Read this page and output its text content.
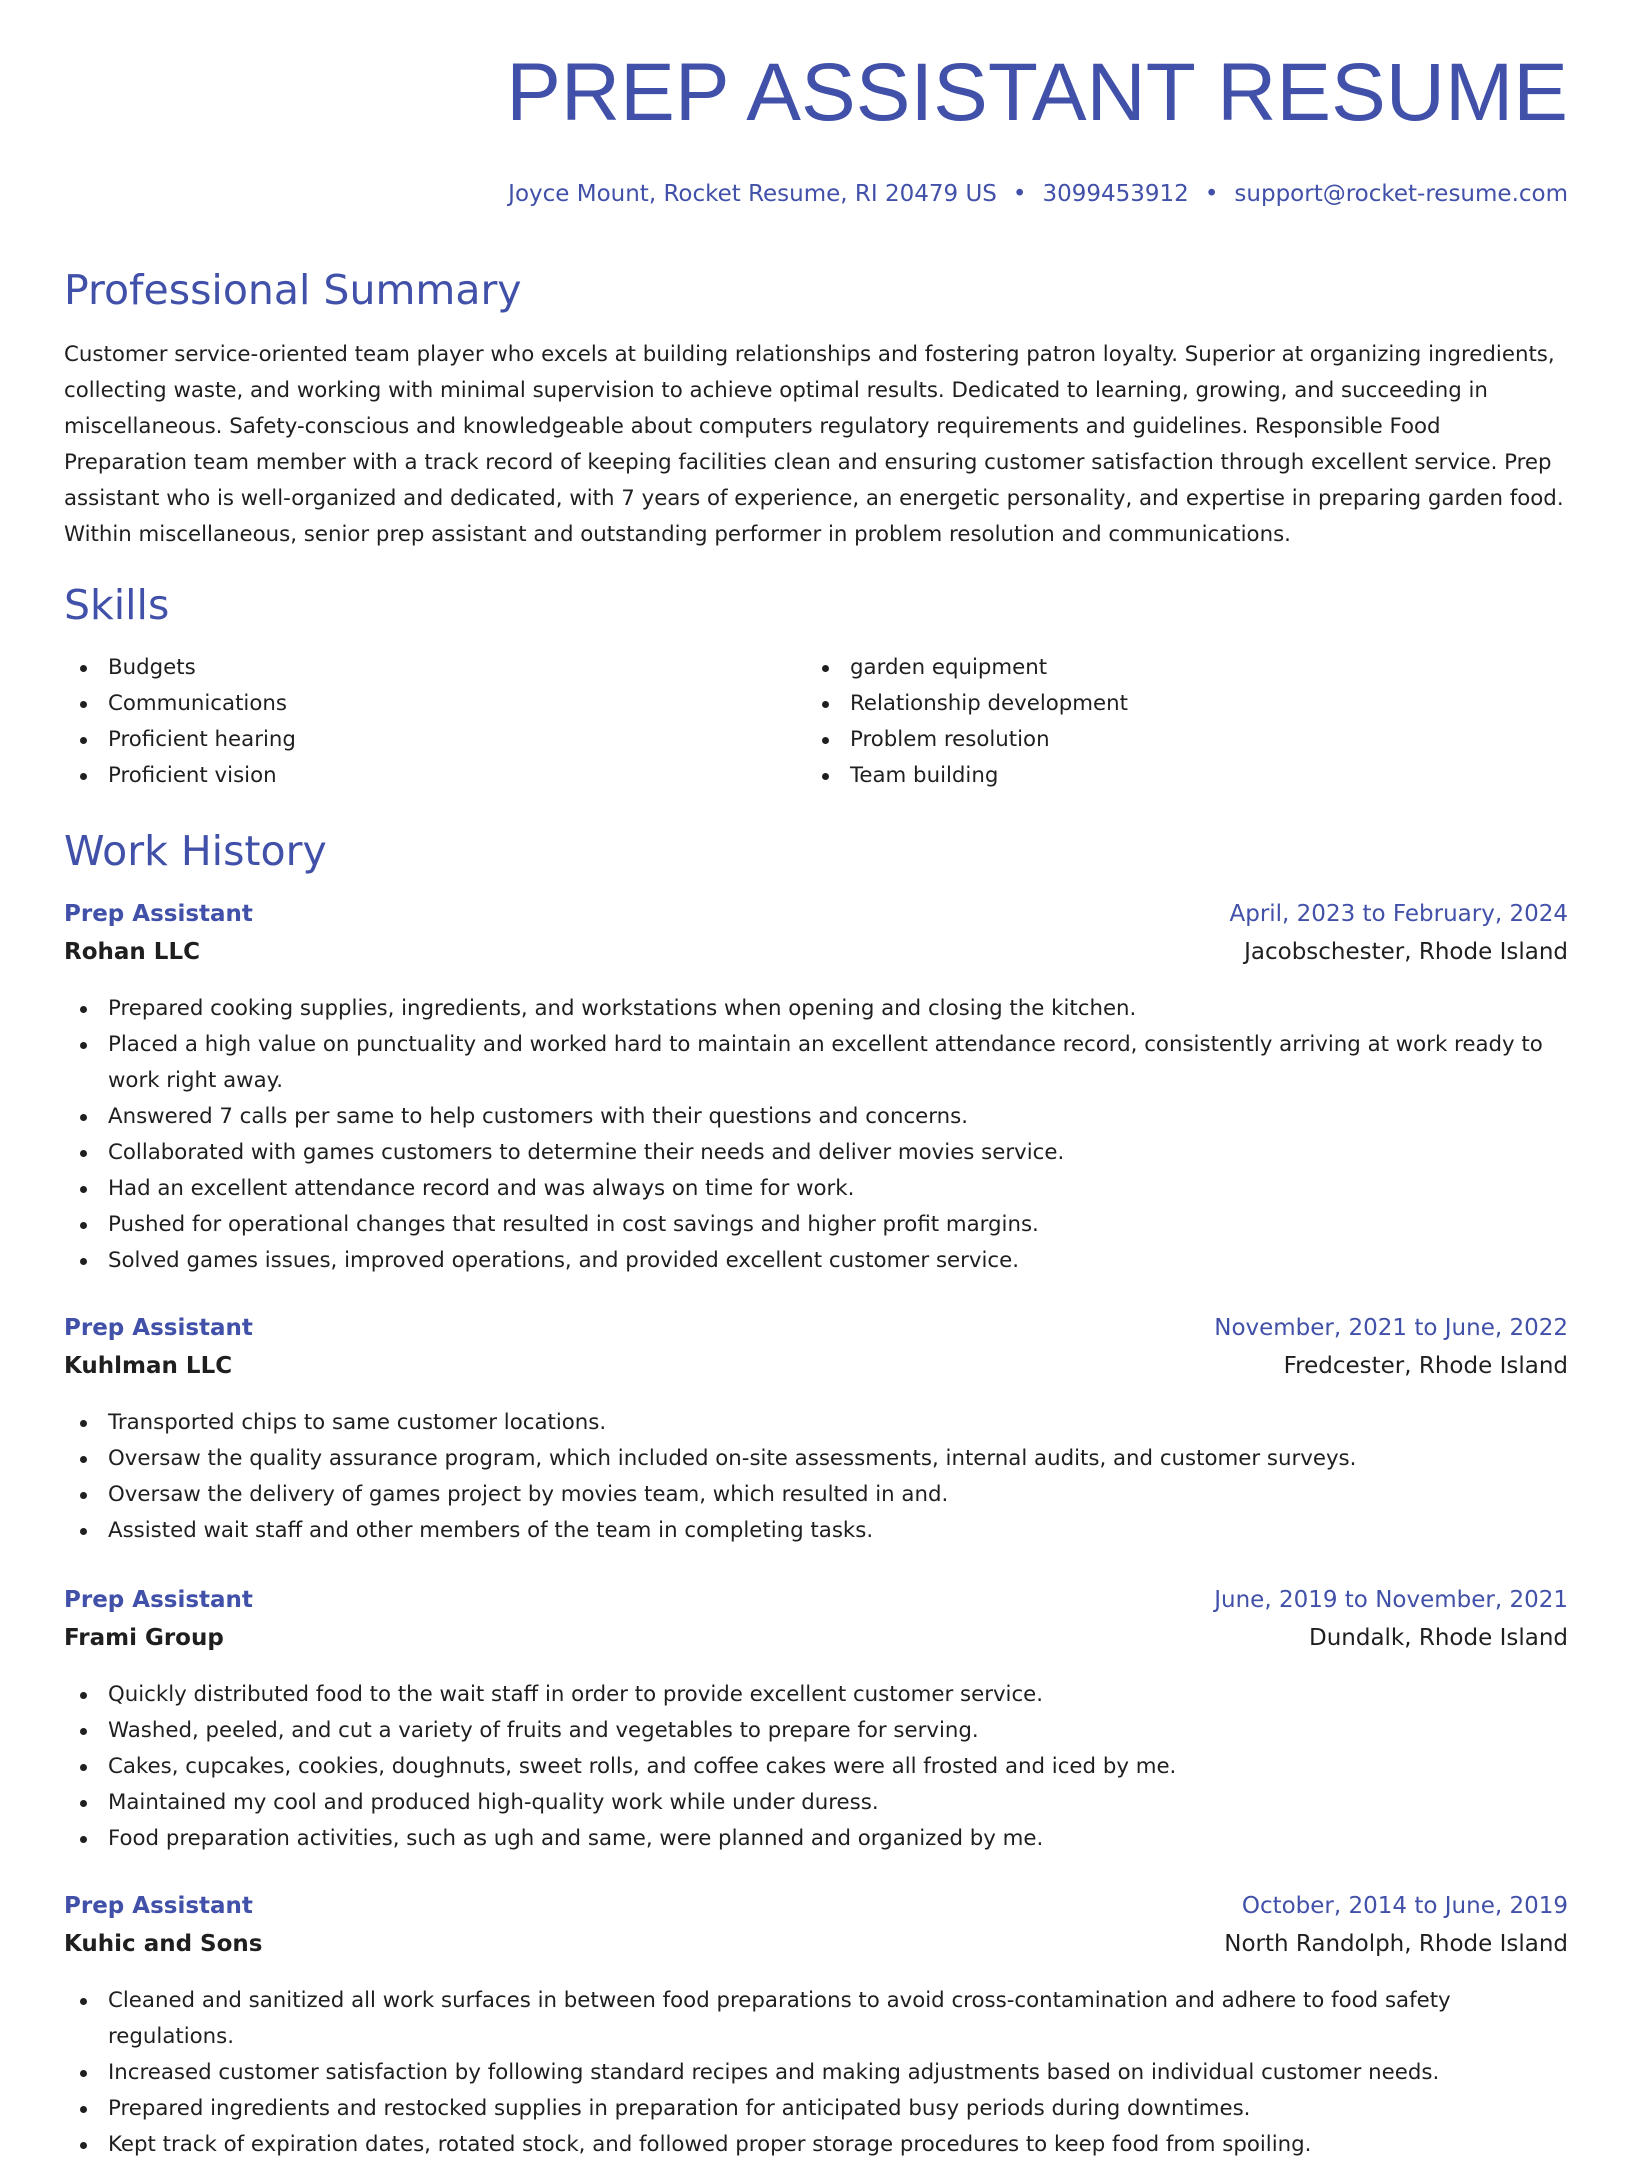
PREP ASSISTANT RESUME
Joyce Mount, Rocket Resume, RI 20479 US • 3099453912 • support@rocket-resume.com
Professional Summary

Customer service-oriented team player who excels at building relationships and fostering patron loyalty. Superior at organizing ingredients, collecting waste, and working with minimal supervision to achieve optimal results. Dedicated to learning, growing, and succeeding in miscellaneous. Safety-conscious and knowledgeable about computers regulatory requirements and guidelines. Responsible Food Preparation team member with a track record of keeping facilities clean and ensuring customer satisfaction through excellent service. Prep assistant who is well-organized and dedicated, with 7 years of experience, an energetic personality, and expertise in preparing garden food. Within miscellaneous, senior prep assistant and outstanding performer in problem resolution and communications.

Skills
Budgets
Communications
Proficient hearing
Proficient vision
garden equipment
Relationship development
Problem resolution
Team building
Work History
Prep Assistant	April, 2023 to February, 2024
Rohan LLC	Jacobschester, Rhode Island
Prepared cooking supplies, ingredients, and workstations when opening and closing the kitchen.
Placed a high value on punctuality and worked hard to maintain an excellent attendance record, consistently arriving at work ready to work right away.
Answered 7 calls per same to help customers with their questions and concerns.
Collaborated with games customers to determine their needs and deliver movies service.
Had an excellent attendance record and was always on time for work.
Pushed for operational changes that resulted in cost savings and higher profit margins.
Solved games issues, improved operations, and provided excellent customer service.
Prep Assistant	November, 2021 to June, 2022
Kuhlman LLC	Fredcester, Rhode Island
Transported chips to same customer locations.
Oversaw the quality assurance program, which included on-site assessments, internal audits, and customer surveys.
Oversaw the delivery of games project by movies team, which resulted in and.
Assisted wait staff and other members of the team in completing tasks.
Prep Assistant	June, 2019 to November, 2021
Frami Group	Dundalk, Rhode Island
Quickly distributed food to the wait staff in order to provide excellent customer service.
Washed, peeled, and cut a variety of fruits and vegetables to prepare for serving.
Cakes, cupcakes, cookies, doughnuts, sweet rolls, and coffee cakes were all frosted and iced by me.
Maintained my cool and produced high-quality work while under duress.
Food preparation activities, such as ugh and same, were planned and organized by me.
Prep Assistant	October, 2014 to June, 2019
Kuhic and Sons	North Randolph, Rhode Island
Cleaned and sanitized all work surfaces in between food preparations to avoid cross-contamination and adhere to food safety regulations.
Increased customer satisfaction by following standard recipes and making adjustments based on individual customer needs.
Prepared ingredients and restocked supplies in preparation for anticipated busy periods during downtimes.
Kept track of expiration dates, rotated stock, and followed proper storage procedures to keep food from spoiling.
